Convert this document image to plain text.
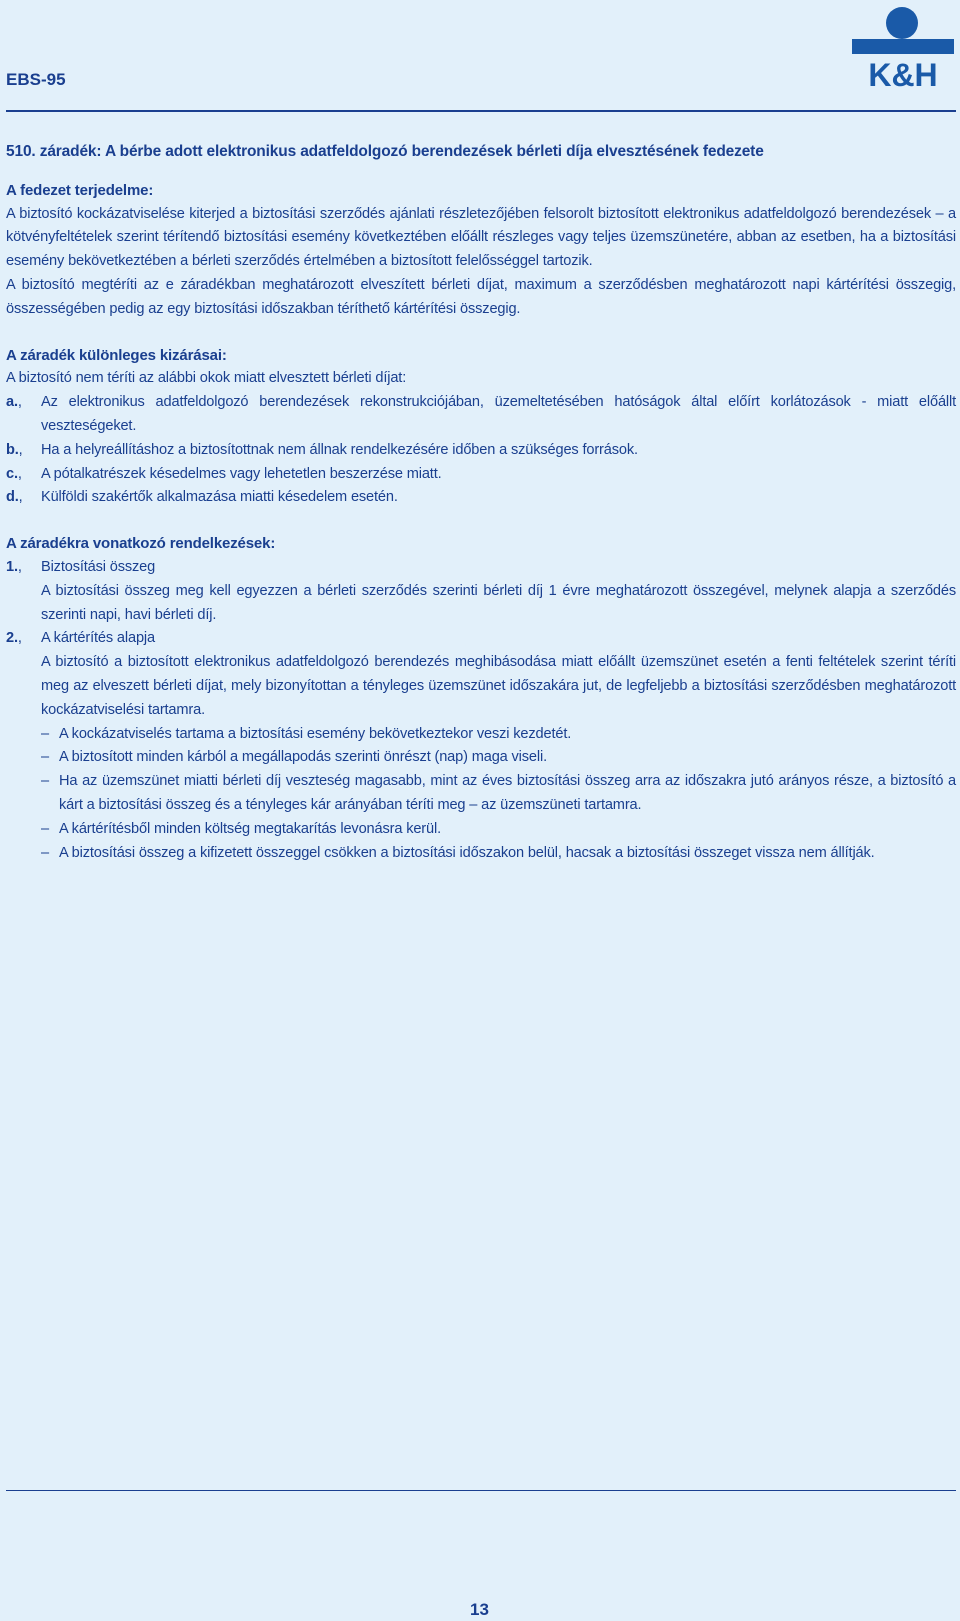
EBS-95	K&H
510. záradék: A bérbe adott elektronikus adatfeldolgozó berendezések bérleti díja elvesztésének fedezete
A fedezet terjedelme:
A biztosító kockázatviselése kiterjed a biztosítási szerződés ajánlati részletezőjében felsorolt biztosított elektronikus adatfeldolgozó berendezések – a kötvényfeltételek szerint térítendő biztosítási esemény következtében előállt részleges vagy teljes üzemszünetére, abban az esetben, ha a biztosítási esemény bekövetkeztében a bérleti szerződés értelmében a biztosított felelősséggel tartozik.
A biztosító megtéríti az e záradékban meghatározott elveszített bérleti díjat, maximum a szerződésben meghatározott napi kártérítési összegig, összességében pedig az egy biztosítási időszakban téríthető kártérítési összegig.
A záradék különleges kizárásai:
A biztosító nem téríti az alábbi okok miatt elvesztett bérleti díjat:
a.,	Az elektronikus adatfeldolgozó berendezések rekonstrukciójában, üzemeltetésében hatóságok által előírt korlátozások - miatt előállt veszteségeket.
b.,	Ha a helyreállításhoz a biztosítottnak nem állnak rendelkezésére időben a szükséges források.
c.,	A pótalkatrészek késedelmes vagy lehetetlen beszerzése miatt.
d.,	Külföldi szakértők alkalmazása miatti késedelem esetén.
A záradékra vonatkozó rendelkezések:
1.,	Biztosítási összeg
A biztosítási összeg meg kell egyezzen a bérleti szerződés szerinti bérleti díj 1 évre meghatározott összegével, melynek alapja a szerződés szerinti napi, havi bérleti díj.
2.,	A kártérítés alapja
A biztosító a biztosított elektronikus adatfeldolgozó berendezés meghibásodása miatt előállt üzemszünet esetén a fenti feltételek szerint téríti meg az elveszett bérleti díjat, mely bizonyítottan a tényleges üzemszünet időszakára jut, de legfeljebb a biztosítási szerződésben meghatározott kockázatviselési tartamra.
– A kockázatviselés tartama a biztosítási esemény bekövetkeztekor veszi kezdetét.
– A biztosított minden kárból a megállapodás szerinti önrészt (nap) maga viseli.
– Ha az üzemszünet miatti bérleti díj veszteség magasabb, mint az éves biztosítási összeg arra az időszakra jutó arányos része, a biztosító a kárt a biztosítási összeg és a tényleges kár arányában téríti meg – az üzemszüneti tartamra.
– A kártérítésből minden költség megtakarítás levonásra kerül.
– A biztosítási összeg a kifizetett összeggel csökken a biztosítási időszakon belül, hacsak a biztosítási összeget vissza nem állítják.
13
